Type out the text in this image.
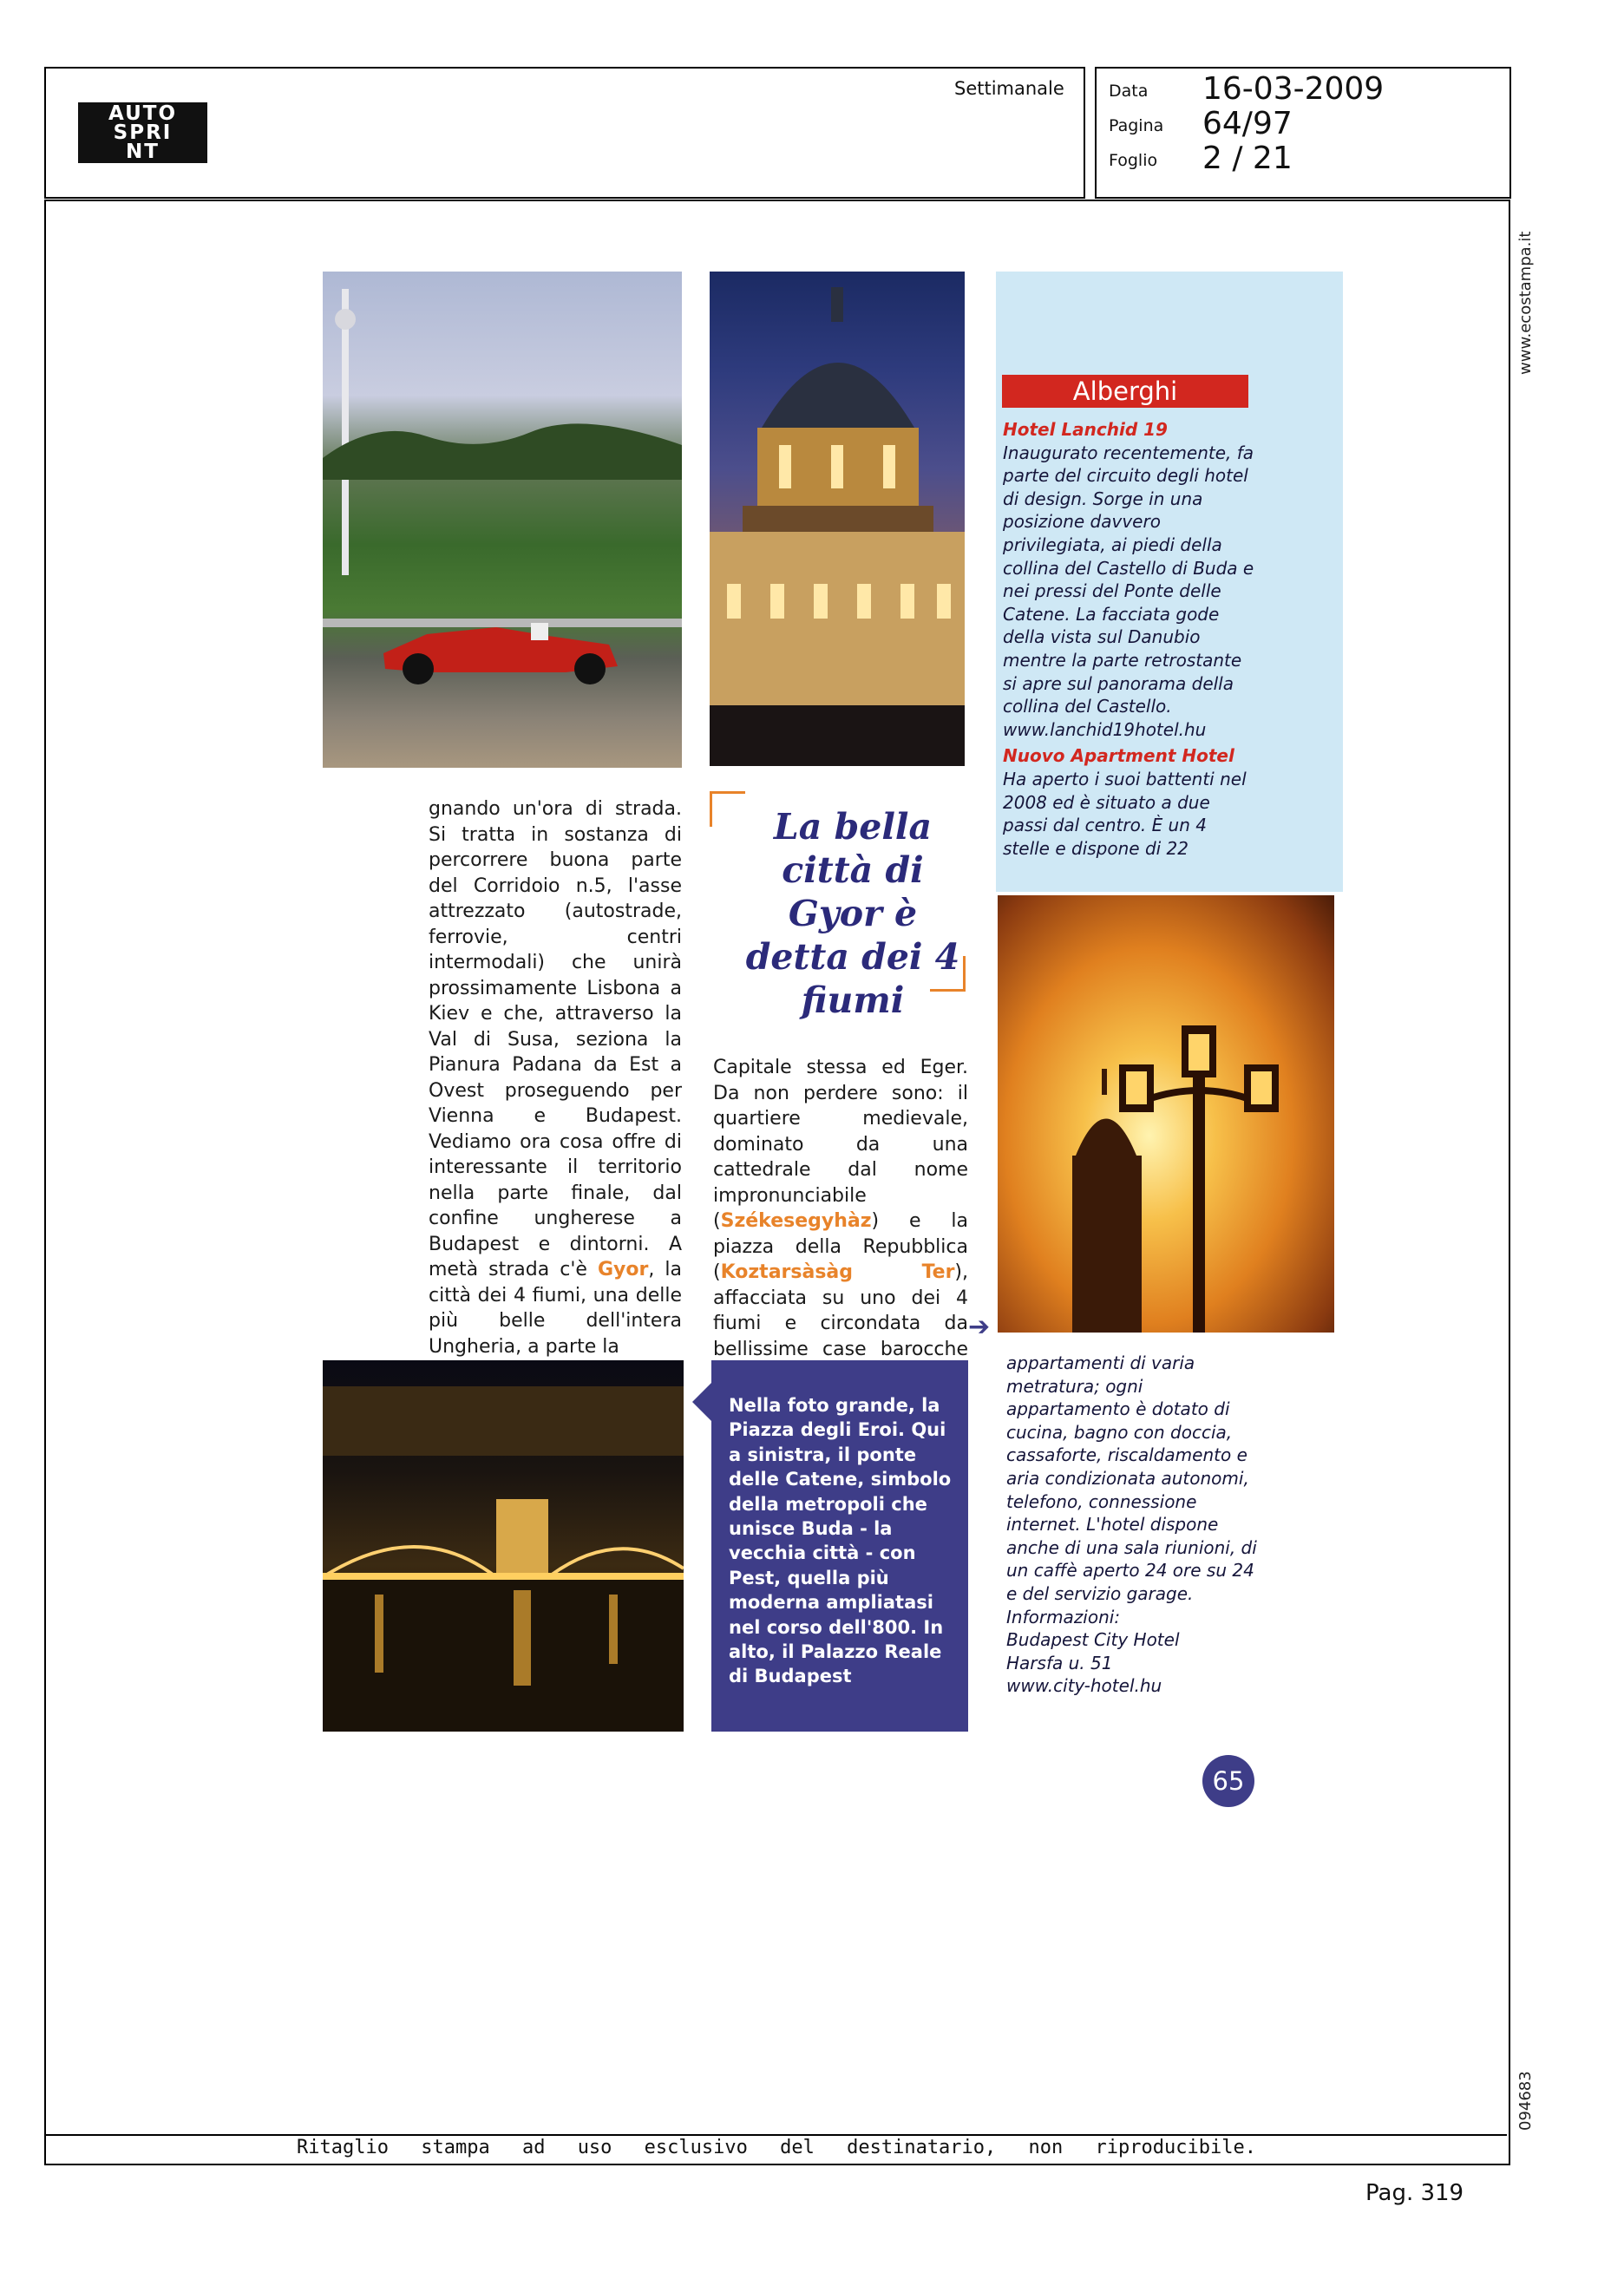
AUTO
SPRI
NT
Settimanale	Data 16-03-2009
Pagina 64/97
Foglio 2 / 21
www.ecostampa.it
094683
gnando un'ora di strada. Si tratta in sostanza di percorrere buona parte del Corridoio n.5, l'asse attrezzato (autostrade, ferrovie, centri intermodali) che unirà prossimamente Lisbona a Kiev e che, attraverso la Val di Susa, seziona la Pianura Padana da Est a Ovest proseguendo per Vienna e Budapest. Vediamo ora cosa offre di interessante il territorio nella parte finale, dal confine ungherese a Budapest e dintorni. A metà strada c'è Gyor, la città dei 4 fiumi, una delle più belle dell'intera Ungheria, a parte la
La bella città di Gyor è detta dei 4 fiumi
Capitale stessa ed Eger. Da non perdere sono: il quartiere medievale, dominato da una cattedrale dal nome impronunciabile (Székesegyhàz) e la piazza della Repubblica (Koztarsàsàg Ter), affacciata su uno dei 4 fiumi e circondata da bellissime case barocche
➔
Nella foto grande, la Piazza degli Eroi. Qui a sinistra, il ponte delle Catene, simbolo della metropoli che unisce Buda - la vecchia città - con Pest, quella più moderna ampliatasi nel corso dell'800. In alto, il Palazzo Reale di Budapest
Alberghi
Hotel Lanchid 19
Inaugurato recentemente, fa parte del circuito degli hotel di design. Sorge in una posizione davvero privilegiata, ai piedi della collina del Castello di Buda e nei pressi del Ponte delle Catene. La facciata gode della vista sul Danubio mentre la parte retrostante si apre sul panorama della collina del Castello. www.lanchid19hotel.hu
Nuovo Apartment Hotel
Ha aperto i suoi battenti nel 2008 ed è situato a due passi dal centro. È un 4 stelle e dispone di 22
appartamenti di varia metratura; ogni appartamento è dotato di cucina, bagno con doccia, cassaforte, riscaldamento e aria condizionata autonomi, telefono, connessione internet. L'hotel dispone anche di una sala riunioni, di un caffè aperto 24 ore su 24 e del servizio garage.
Informazioni:
Budapest City Hotel
Harsfa u. 51
www.city-hotel.hu
65
Ritaglio stampa ad uso esclusivo del destinatario, non riproducibile.
Pag. 319
